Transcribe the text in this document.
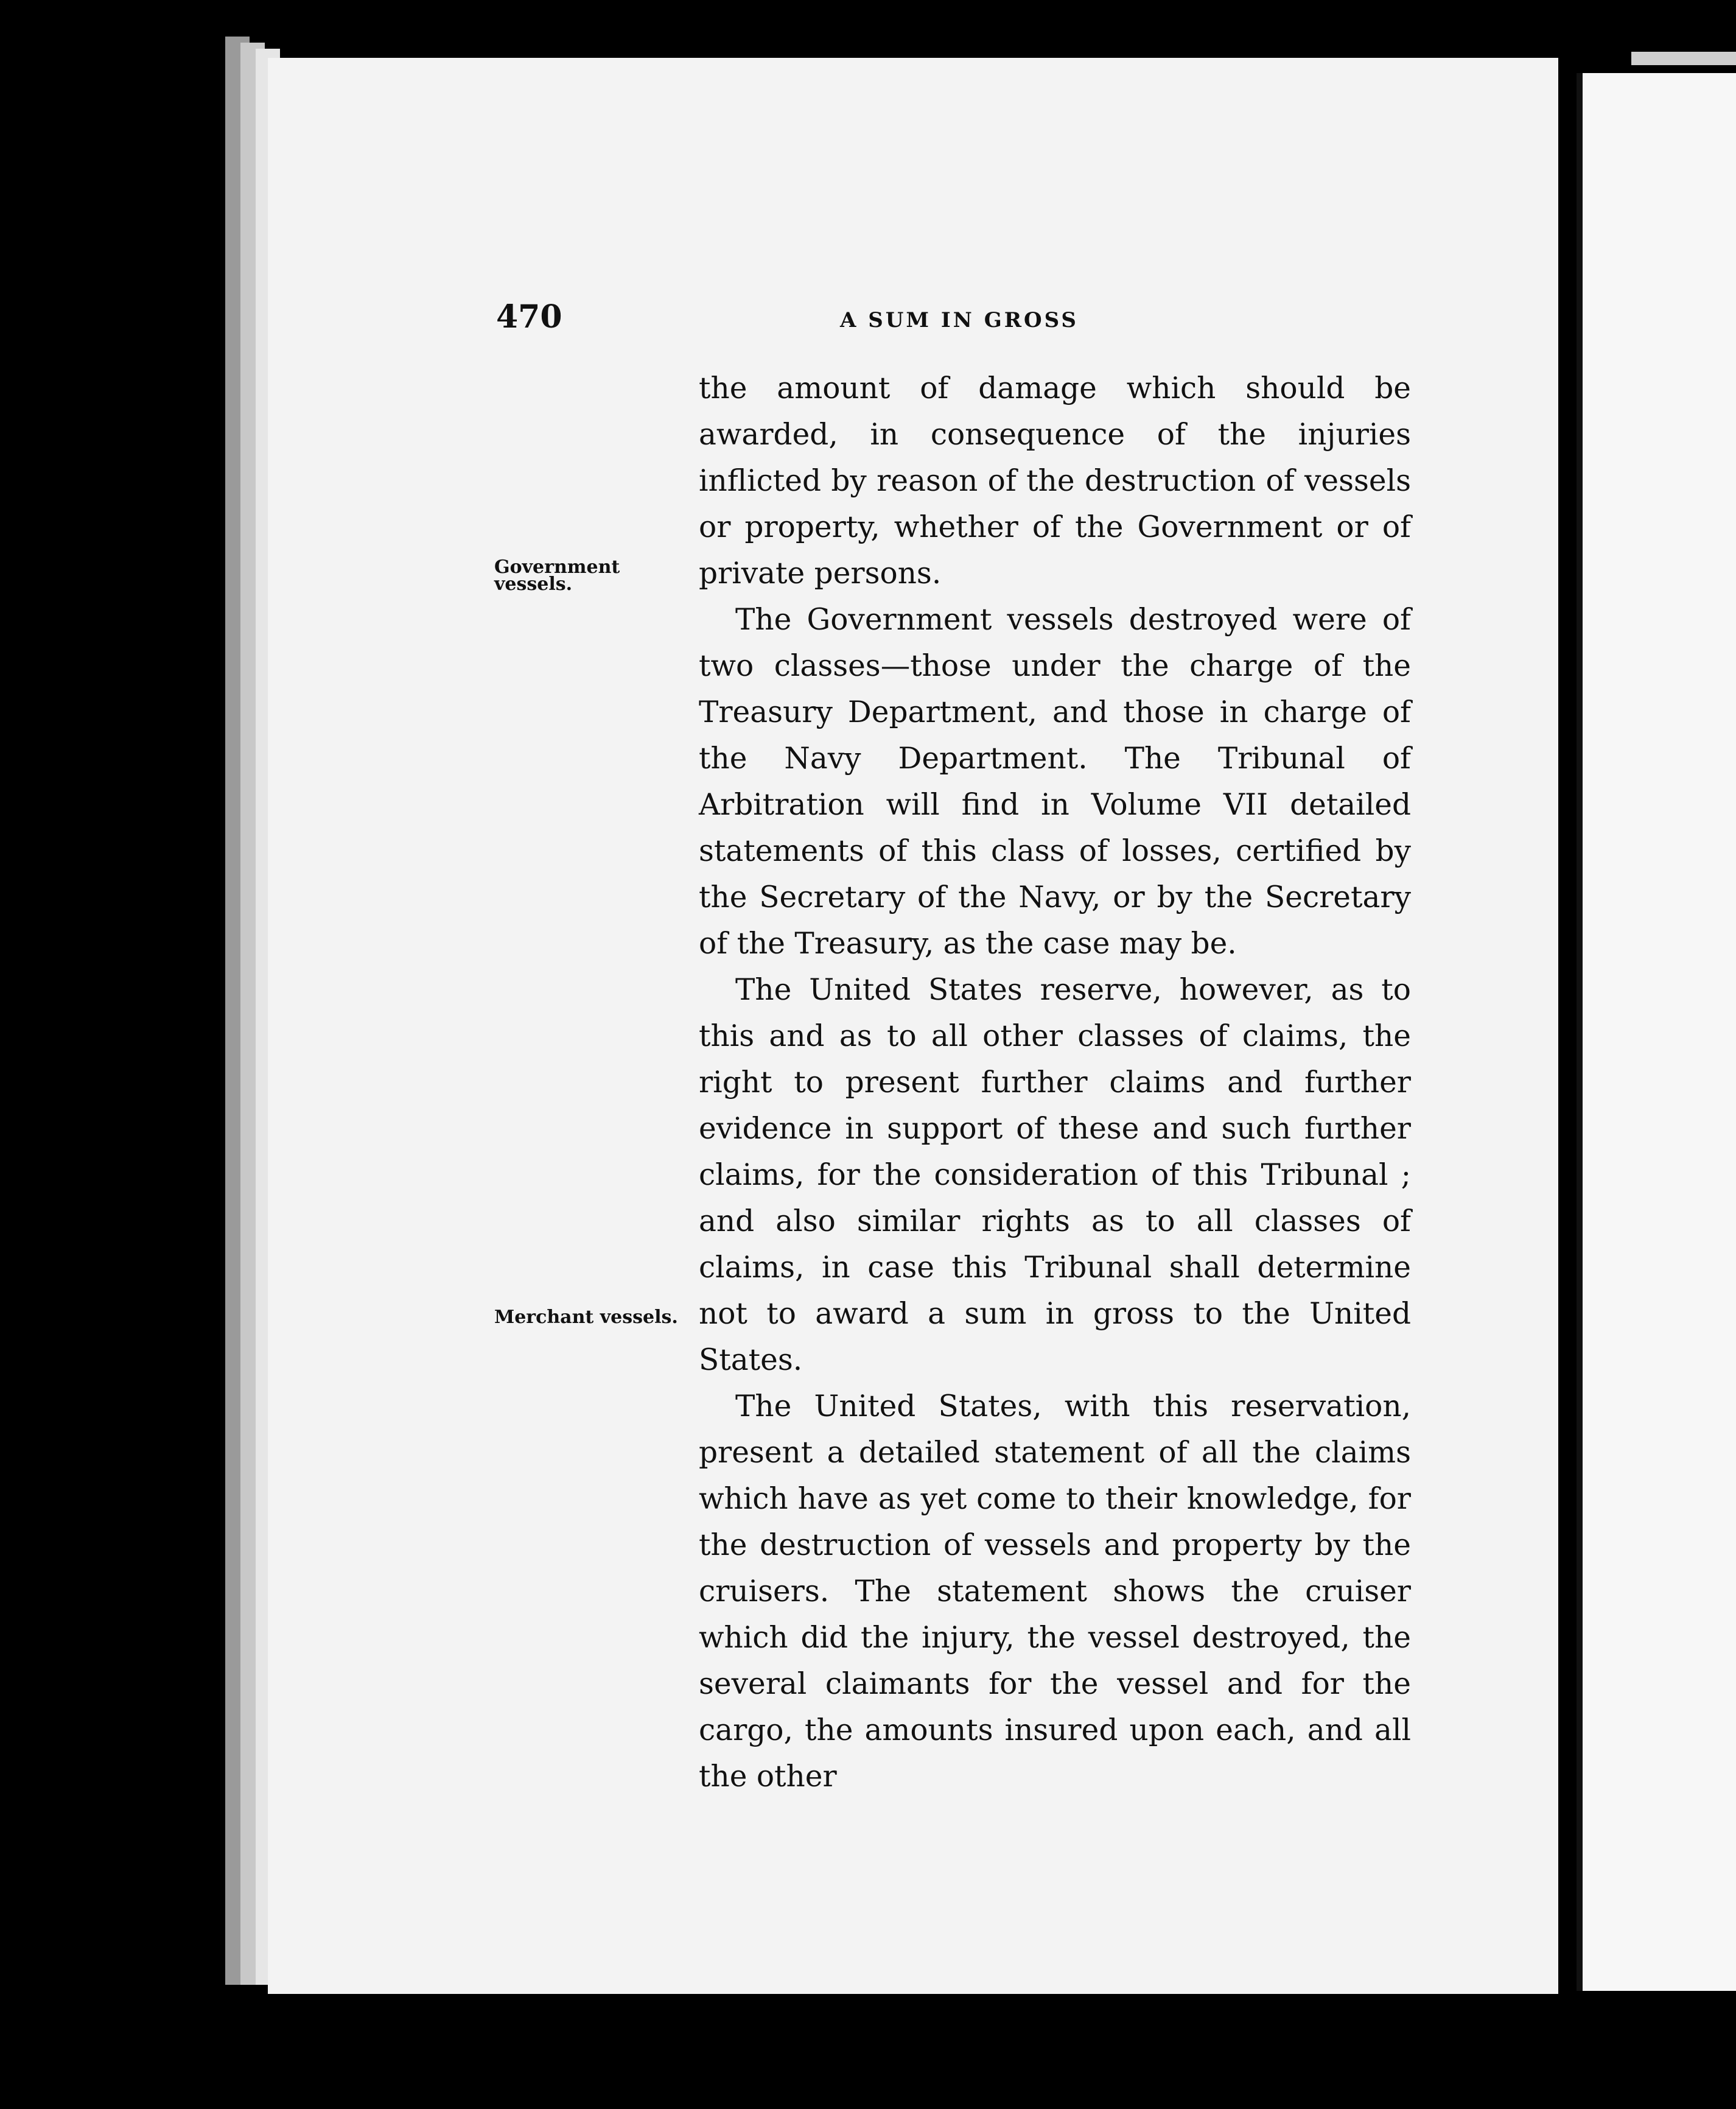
470	A SUM IN GROSS
Government vessels.
Merchant vessels.

the amount of damage which should be awarded, in consequence of the injuries inflicted by reason of the destruction of vessels or property, whether of the Government or of private persons.

The Government vessels destroyed were of two classes—those under the charge of the Treasury Department, and those in charge of the Navy Department. The Tribunal of Arbitration will find in Volume VII detailed statements of this class of losses, certified by the Secretary of the Navy, or by the Secretary of the Treasury, as the case may be.

The United States reserve, however, as to this and as to all other classes of claims, the right to present further claims and further evidence in support of these and such further claims, for the consideration of this Tribunal ; and also similar rights as to all classes of claims, in case this Tribunal shall determine not to award a sum in gross to the United States.

The United States, with this reservation, present a detailed statement of all the claims which have as yet come to their knowledge, for the destruction of vessels and property by the cruisers. The statement shows the cruiser which did the injury, the vessel destroyed, the several claimants for the vessel and for the cargo, the amounts insured upon each, and all the other
